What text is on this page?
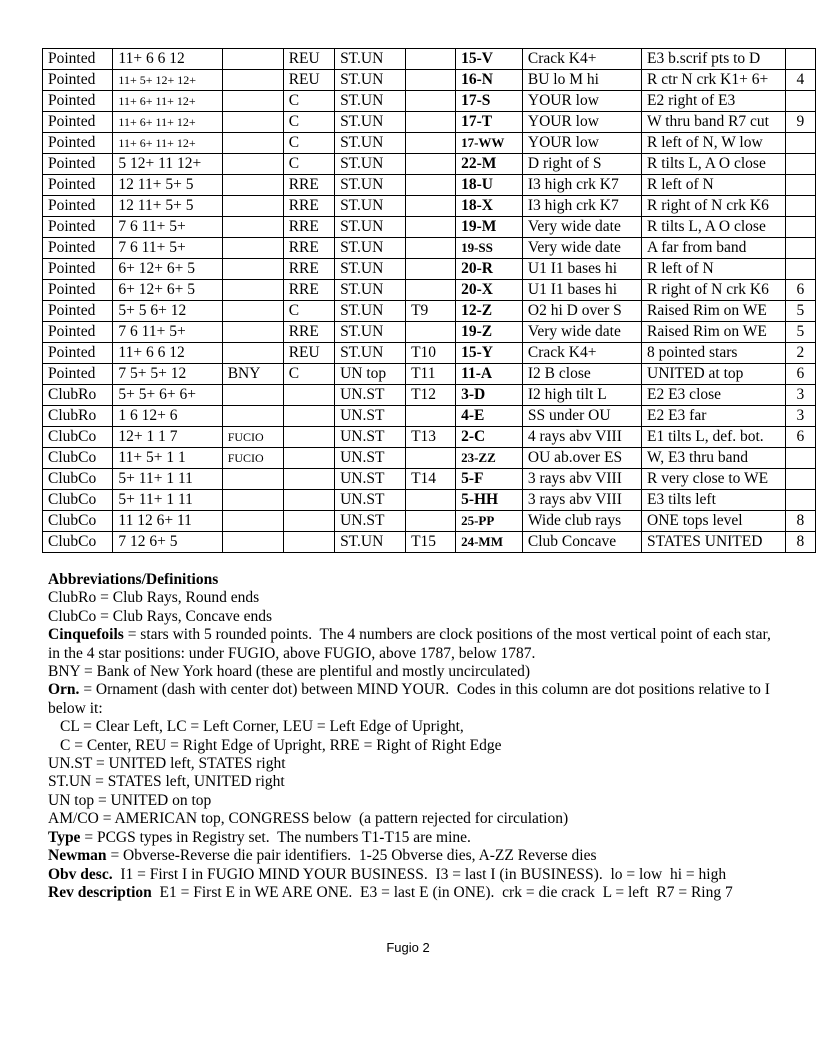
Pointed	11+ 6 6 12		REU	ST.UN		15-V	Crack K4+	E3 b.scrif pts to D	
Pointed	11+ 5+ 12+ 12+		REU	ST.UN		16-N	BU lo M hi	R ctr N crk K1+ 6+	4
Pointed	11+ 6+ 11+ 12+		C	ST.UN		17-S	YOUR low	E2 right of E3	
Pointed	11+ 6+ 11+ 12+		C	ST.UN		17-T	YOUR low	W thru band R7 cut	9
Pointed	11+ 6+ 11+ 12+		C	ST.UN		17-WW	YOUR low	R left of N, W low	
Pointed	5 12+ 11 12+		C	ST.UN		22-M	D right of S	R tilts L, A O close	
Pointed	12 11+ 5+ 5		RRE	ST.UN		18-U	I3 high crk K7	R left of N	
Pointed	12 11+ 5+ 5		RRE	ST.UN		18-X	I3 high crk K7	R right of N crk K6	
Pointed	7 6 11+ 5+		RRE	ST.UN		19-M	Very wide date	R tilts L, A O close	
Pointed	7 6 11+ 5+		RRE	ST.UN		19-SS	Very wide date	A far from band	
Pointed	6+ 12+ 6+ 5		RRE	ST.UN		20-R	U1 I1 bases hi	R left of N	
Pointed	6+ 12+ 6+ 5		RRE	ST.UN		20-X	U1 I1 bases hi	R right of N crk K6	6
Pointed	5+ 5 6+ 12		C	ST.UN	T9	12-Z	O2 hi D over S	Raised Rim on WE	5
Pointed	7 6 11+ 5+		RRE	ST.UN		19-Z	Very wide date	Raised Rim on WE	5
Pointed	11+ 6 6 12		REU	ST.UN	T10	15-Y	Crack K4+	8 pointed stars	2
Pointed	7 5+ 5+ 12	BNY	C	UN top	T11	11-A	I2 B close	UNITED at top	6
ClubRo	5+ 5+ 6+ 6+			UN.ST	T12	3-D	I2 high tilt L	E2 E3 close	3
ClubRo	1 6 12+ 6			UN.ST		4-E	SS under OU	E2 E3 far	3
ClubCo	12+ 1 1 7	FUCIO		UN.ST	T13	2-C	4 rays abv VIII	E1 tilts L, def. bot.	6
ClubCo	11+ 5+ 1 1	FUCIO		UN.ST		23-ZZ	OU ab.over ES	W, E3 thru band	
ClubCo	5+ 11+ 1 11			UN.ST	T14	5-F	3 rays abv VIII	R very close to WE	
ClubCo	5+ 11+ 1 11			UN.ST		5-HH	3 rays abv VIII	E3 tilts left	
ClubCo	11 12 6+ 11			UN.ST		25-PP	Wide club rays	ONE tops level	8
ClubCo	7 12 6+ 5			ST.UN	T15	24-MM	Club Concave	STATES UNITED	8

Abbreviations/Definitions

ClubRo = Club Rays, Round ends

ClubCo = Club Rays, Concave ends

Cinquefoils = stars with 5 rounded points.  The 4 numbers are clock positions of the most vertical point of each star, in the 4 star positions: under FUGIO, above FUGIO, above 1787, below 1787.

BNY = Bank of New York hoard (these are plentiful and mostly uncirculated)

Orn. = Ornament (dash with center dot) between MIND YOUR.  Codes in this column are dot positions relative to I below it:

CL = Clear Left, LC = Left Corner, LEU = Left Edge of Upright,

C = Center, REU = Right Edge of Upright, RRE = Right of Right Edge

UN.ST = UNITED left, STATES right

ST.UN = STATES left, UNITED right

UN top = UNITED on top

AM/CO = AMERICAN top, CONGRESS below  (a pattern rejected for circulation)

Type = PCGS types in Registry set.  The numbers T1-T15 are mine.

Newman = Obverse-Reverse die pair identifiers.  1-25 Obverse dies, A-ZZ Reverse dies

Obv desc.  I1 = First I in FUGIO MIND YOUR BUSINESS.  I3 = last I (in BUSINESS).  lo = low  hi = high

Rev description  E1 = First E in WE ARE ONE.  E3 = last E (in ONE).  crk = die crack  L = left  R7 = Ring 7

Fugio 2
